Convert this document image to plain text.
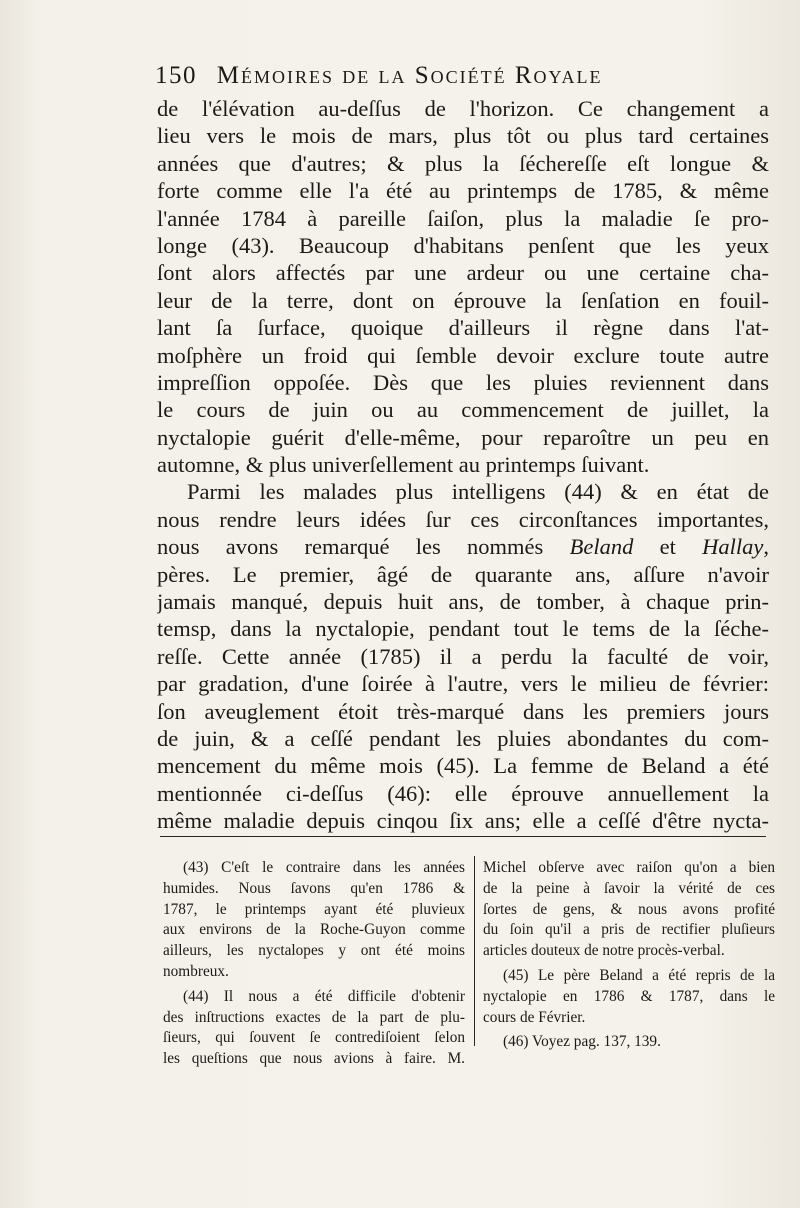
150 Mémoires de la Société Royale
de l'élévation au-deſſus de l'horizon. Ce changement a
lieu vers le mois de mars, plus tôt ou plus tard certaines
années que d'autres; & plus la ſéchereſſe eſt longue &
forte comme elle l'a été au printemps de 1785, & même
l'année 1784 à pareille ſaiſon, plus la maladie ſe pro-
longe (43). Beaucoup d'habitans penſent que les yeux
ſont alors affectés par une ardeur ou une certaine cha-
leur de la terre, dont on éprouve la ſenſation en fouil-
lant ſa ſurface, quoique d'ailleurs il règne dans l'at-
moſphère un froid qui ſemble devoir exclure toute autre
impreſſion oppoſée. Dès que les pluies reviennent dans
le cours de juin ou au commencement de juillet, la
nyctalopie guérit d'elle-même, pour reparoître un peu en
automne, & plus univerſellement au printemps ſuivant.
Parmi les malades plus intelligens (44) & en état de
nous rendre leurs idées ſur ces circonſtances importantes,
nous avons remarqué les nommés Beland et Hallay,
pères. Le premier, âgé de quarante ans, aſſure n'avoir
jamais manqué, depuis huit ans, de tomber, à chaque prin-
temsp, dans la nyctalopie, pendant tout le tems de la ſéche-
reſſe. Cette année (1785) il a perdu la faculté de voir,
par gradation, d'une ſoirée à l'autre, vers le milieu de février:
ſon aveuglement étoit très-marqué dans les premiers jours
de juin, & a ceſſé pendant les pluies abondantes du com-
mencement du même mois (45). La femme de Beland a été
mentionnée ci-deſſus (46): elle éprouve annuellement la
même maladie depuis cinqou ſix ans; elle a ceſſé d'être nycta-
(43) C'eſt le contraire dans les années
humides. Nous ſavons qu'en 1786 &
1787, le printemps ayant été pluvieux
aux environs de la Roche-Guyon comme
ailleurs, les nyctalopes y ont été moins
nombreux.
(44) Il nous a été difficile d'obtenir
des inſtructions exactes de la part de plu-
ſieurs, qui ſouvent ſe contrediſoient ſelon
les queſtions que nous avions à faire. M.
Michel obſerve avec raiſon qu'on a bien
de la peine à ſavoir la vérité de ces
ſortes de gens, & nous avons profité
du ſoin qu'il a pris de rectifier pluſieurs
articles douteux de notre procès-verbal.
(45) Le père Beland a été repris de la
nyctalopie en 1786 & 1787, dans le
cours de Février.
(46) Voyez pag. 137, 139.
